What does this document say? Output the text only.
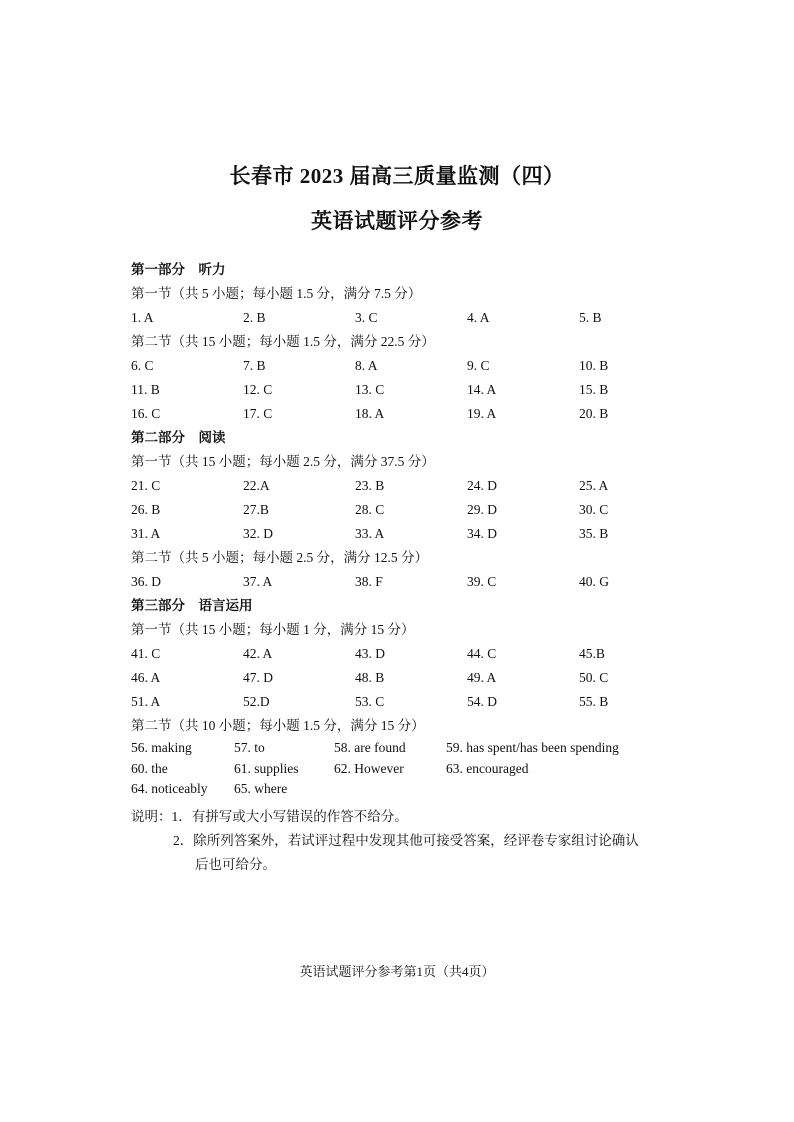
长春市 2023 届高三质量监测（四）
英语试题评分参考
第一部分　听力
第一节（共 5 小题；每小题 1.5 分，满分 7.5 分）
1. A	2. B	3. C	4. A	5. B
第二节（共 15 小题；每小题 1.5 分，满分 22.5 分）
6. C	7. B	8. A	9. C	10. B
11. B	12. C	13. C	14. A	15. B
16. C	17. C	18. A	19. A	20. B
第二部分　阅读
第一节（共 15 小题；每小题 2.5 分，满分 37.5 分）
21. C	22.A	23. B	24. D	25. A
26. B	27.B	28. C	29. D	30. C
31. A	32. D	33. A	34. D	35. B
第二节（共 5 小题；每小题 2.5 分，满分 12.5 分）
36. D	37. A	38. F	39. C	40. G
第三部分　语言运用
第一节（共 15 小题；每小题 1 分，满分 15 分）
41. C	42. A	43. D	44. C	45.B
46. A	47. D	48. B	49. A	50. C
51. A	52.D	53. C	54. D	55. B
第二节（共 10 小题；每小题 1.5 分，满分 15 分）
56. making	57. to	58. are found	59. has spent/has been spending
60. the	61. supplies	62. However	63. encouraged
64. noticeably	65. where
说明：1．有拼写或大小写错误的作答不给分。
2．除所列答案外，若试评过程中发现其他可接受答案，经评卷专家组讨论确认
后也可给分。
英语试题评分参考第1页（共4页）
